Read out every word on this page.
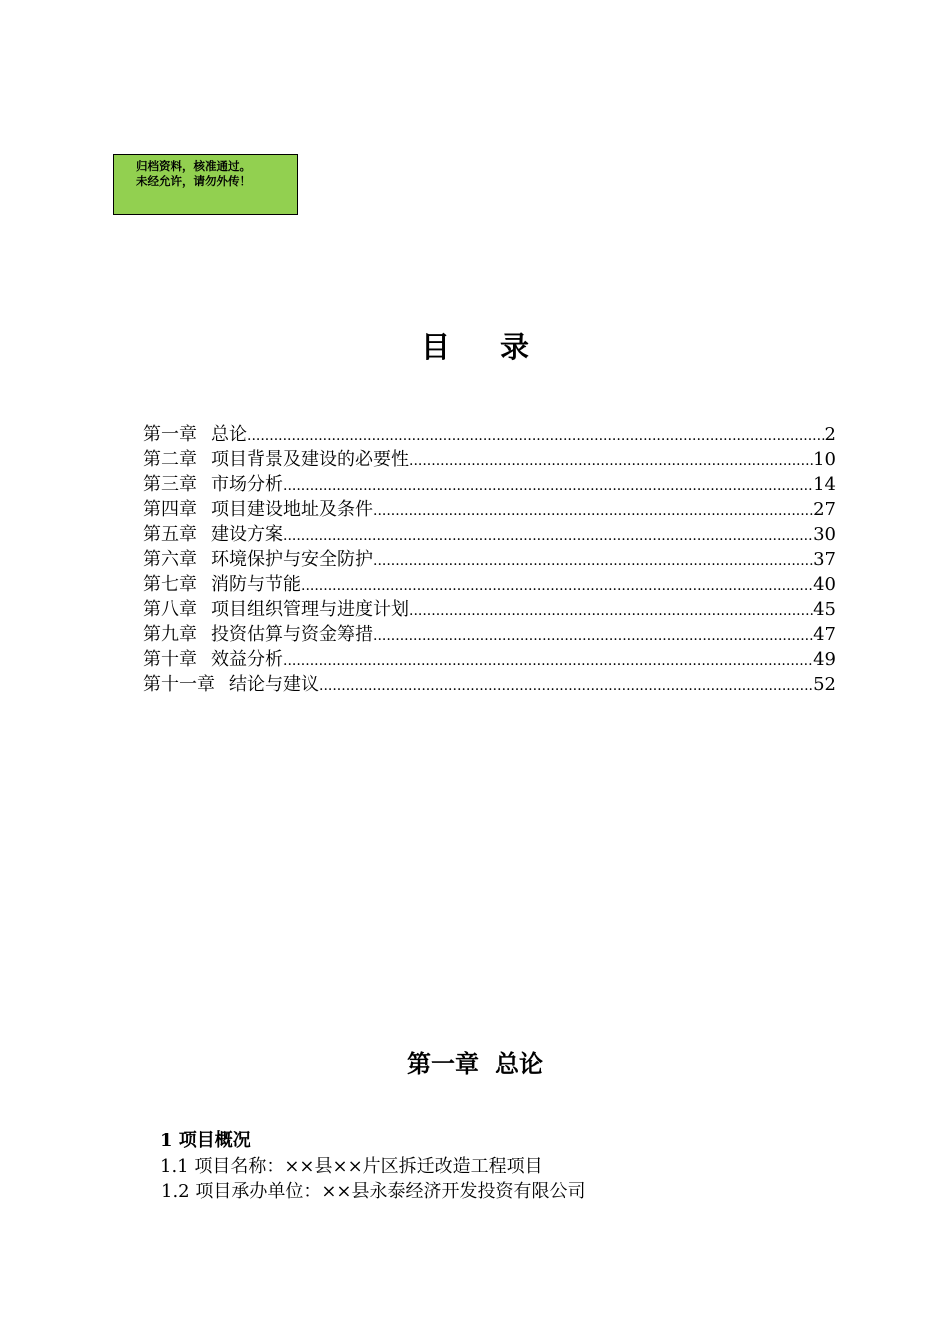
归档资料，核准通过。
未经允许，请勿外传！
目 录
第一章 总论 .....	2
第二章 项目背景及建设的必要性 .....	10
第三章 市场分析 .....	14
第四章 项目建设地址及条件 .....	27
第五章 建设方案 .....	30
第六章 环境保护与安全防护 .....	37
第七章 消防与节能 .....	40
第八章 项目组织管理与进度计划 .....	45
第九章 投资估算与资金筹措 .....	47
第十章 效益分析 .....	49
第十一章 结论与建议 .....	52
第一章 总论
1 项目概况
1.1 项目名称：××县××片区拆迁改造工程项目
1.2 项目承办单位：××县永泰经济开发投资有限公司
